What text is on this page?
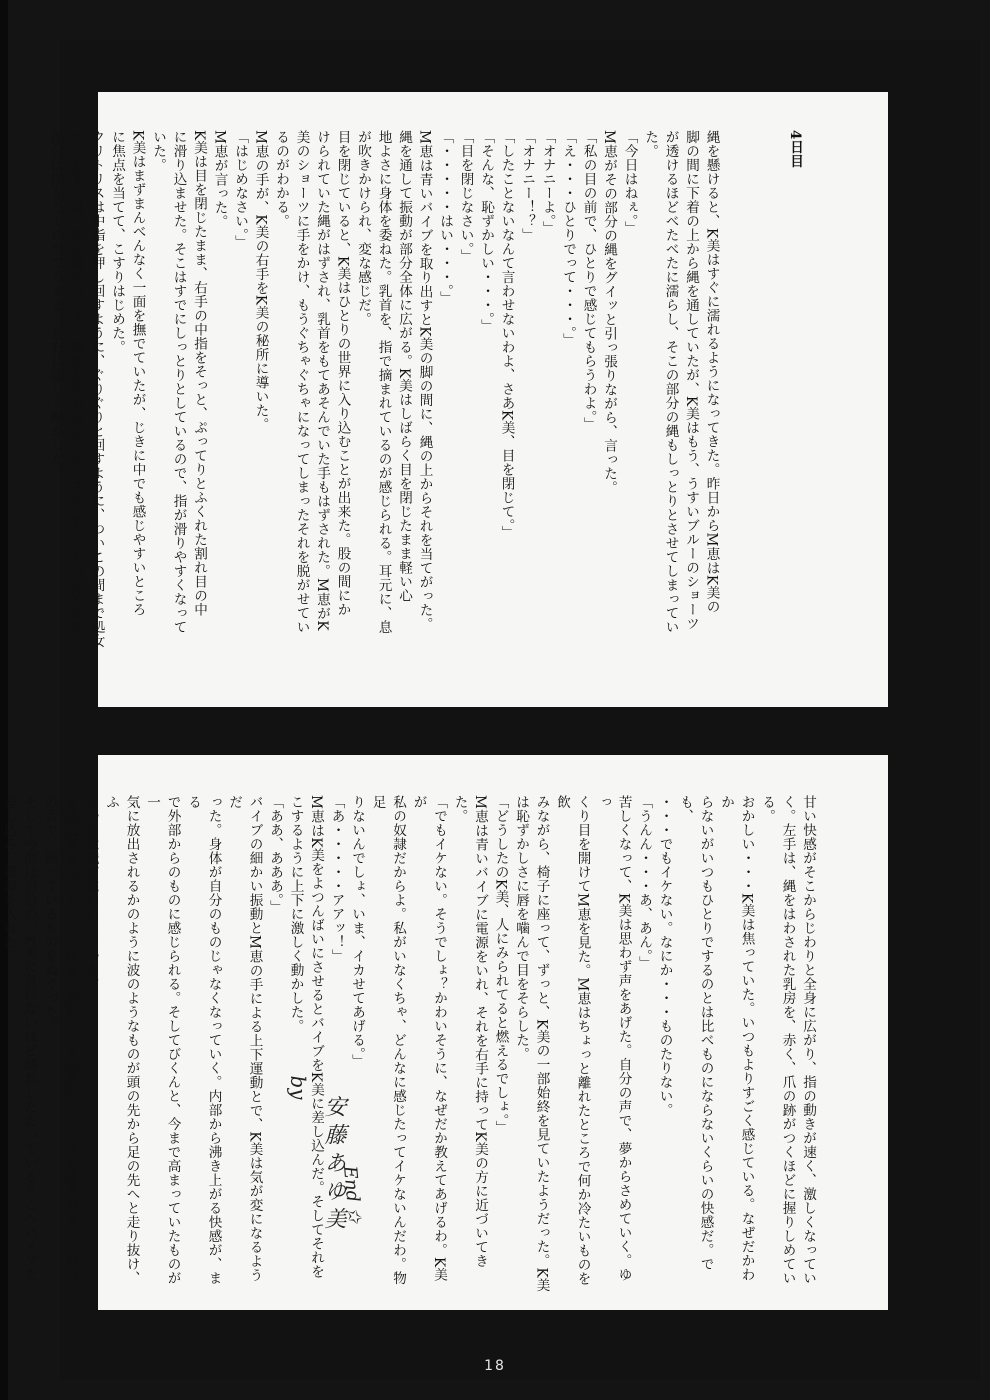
4日目

縄を懸けると、K美はすぐに濡れるようになってきた。昨日からM恵はK美の
脚の間に下着の上から縄を通していたが、K美はもう、うすいブルーのショーツ
が透けるほどべたべたに濡らし、そこの部分の縄もしっとりとさせてしまってい
た。
「今日はねぇ。」
M恵がその部分の縄をグイッと引っ張りながら、言った。
「私の目の前で、ひとりで感じてもらうわよ。」
「え・・・ひとりでって・・・。」
「オナニーよ。」
「オナニー！？」
「したことないなんて言わせないわよ、さあK美、目を閉じて。」
「そんな、恥ずかしい・・・。」
「目を閉じなさい。」
「・・・・・はい・・・。」
M恵は青いバイブを取り出すとK美の脚の間に、縄の上からそれを当てがった。
縄を通して振動が部分全体に広がる。K美はしばらく目を閉じたまま軽い心
地よさに身体を委ねた。乳首を、指で摘まれているのが感じられる。耳元に、息
が吹きかけられ、変な感じだ。
目を閉じていると、K美はひとりの世界に入り込むことが出来た。股の間にか
けられていた縄がはずされ、乳首をもてあそんでいた手もはずされた。M恵がK
美のショーツに手をかけ、もうぐちゃぐちゃになってしまったそれを脱がせてい
るのがわかる。
M恵の手が、K美の右手をK美の秘所に導いた。
「はじめなさい。」
M恵が言った。
K美は目を閉じたまま、右手の中指をそっと、ぷってりとふくれた割れ目の中
に滑り込ませた。そこはすでにしっとりとしているので、指が滑りやすくなって
いた。
K美はまずまんべんなく一面を撫でていたが、じきに中でも感じやすいところ
に焦点を当てて、こすりはじめた。
クリトリスは中指を押し回すように、ぐりぐりと回すように、ついこの間まで処女
だったそこは、指の腹でつつき、周囲をなめるように。そのふたつをつなぐ間の
部分は指をたてに当てたまま、左右に激しく動かした。
甘い快感がそこからじわりと全身に広がり、指の動きが速く、激しくなってい
く。左手は、縄をはわされた乳房を、赤く、爪の跡がつくほどに握りしめている。
おかしい・・・K美は焦っていた。いつもよりすごく感じている。なぜだかわか
らないがいつもひとりでするのとは比べものにならないくらいの快感だ。でも、
・・・でもイケない。なにか・・・ものたりない。
「うんん・・・あ、あん。」
苦しくなって、K美は思わず声をあげた。自分の声で、夢からさめていく。ゆっ
くり目を開けてM恵を見た。M恵はちょっと離れたところで何か冷たいものを飲
みながら、椅子に座って、ずっと、K美の一部始終を見ていたようだった。K美
は恥ずかしさに唇を噛んで目をそらした。
「どうしたのK美、人にみられてると燃えるでしょ。」
M恵は青いバイブに電源をいれ、それを右手に持ってK美の方に近づいてきた。
「でもイケない。そうでしょ？かわいそうに、なぜだか教えてあげるわ。K美が
私の奴隷だからよ。私がいなくちゃ、どんなに感じたってイケないんだわ。物足
りないんでしょ、いま、イカせてあげる。」
「あ・・・・・アアッ！」
M恵はK美をよつんばいにさせるとバイブをK美に差し込んだ。そしてそれを
こするように上下に激しく動かした。
「ああ、あああ。」
バイブの細かい振動とM恵の手による上下運動とで、K美は気が変になるようだ
った。身体が自分のものじゃなくなっていく。内部から沸き上がる快感が、まる
で外部からのものに感じられる。そしてびくんと、今まで高まっていたものが一
気に放出されるかのように波のようなものが頭の先から足の先へと走り抜け、ふ
うっと意識が遠のいていった。
M恵は気を失って、うつ伏せに倒れているK美からバイブを抜き取ると、自分
の舌で、滴っているものをぬぐった。
そして今度は自分の、K美に負けないほど濡れしたたっているそこへバイブを
差し込み、電源を入れた。
by
安藤あゆ美
End ✩
18
